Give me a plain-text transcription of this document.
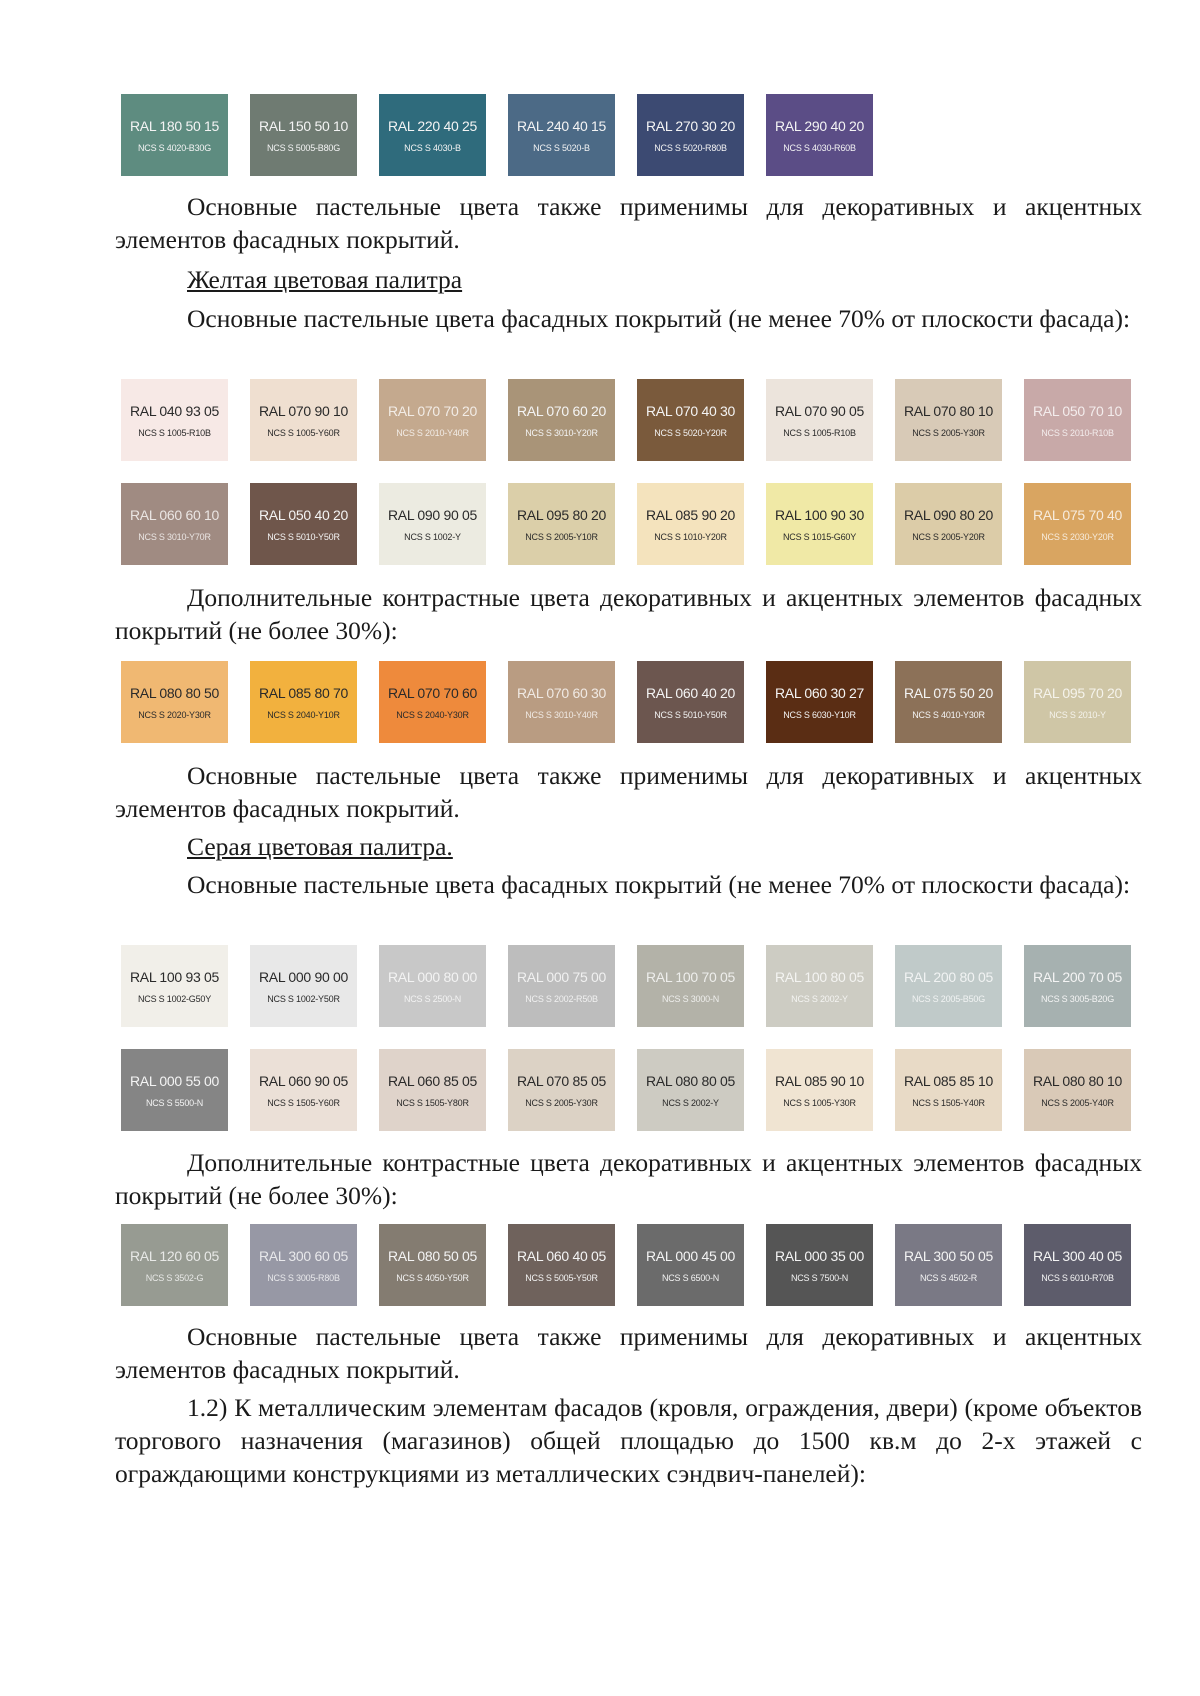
RAL 180 50 15
NCS S 4020-B30G
RAL 150 50 10
NCS S 5005-B80G
RAL 220 40 25
NCS S 4030-B
RAL 240 40 15
NCS S 5020-B
RAL 270 30 20
NCS S 5020-R80B
RAL 290 40 20
NCS S 4030-R60B
Основные пастельные цвета также применимы для декоративных и акцентных элементов фасадных покрытий.
Желтая цветовая палитра
Основные пастельные цвета фасадных покрытий (не менее 70% от плоскости фасада):
RAL 040 93 05
NCS S 1005-R10B
RAL 070 90 10
NCS S 1005-Y60R
RAL 070 70 20
NCS S 2010-Y40R
RAL 070 60 20
NCS S 3010-Y20R
RAL 070 40 30
NCS S 5020-Y20R
RAL 070 90 05
NCS S 1005-R10B
RAL 070 80 10
NCS S 2005-Y30R
RAL 050 70 10
NCS S 2010-R10B
RAL 060 60 10
NCS S 3010-Y70R
RAL 050 40 20
NCS S 5010-Y50R
RAL 090 90 05
NCS S 1002-Y
RAL 095 80 20
NCS S 2005-Y10R
RAL 085 90 20
NCS S 1010-Y20R
RAL 100 90 30
NCS S 1015-G60Y
RAL 090 80 20
NCS S 2005-Y20R
RAL 075 70 40
NCS S 2030-Y20R
Дополнительные контрастные цвета декоративных и акцентных элементов фасадных покрытий (не более 30%):
RAL 080 80 50
NCS S 2020-Y30R
RAL 085 80 70
NCS S 2040-Y10R
RAL 070 70 60
NCS S 2040-Y30R
RAL 070 60 30
NCS S 3010-Y40R
RAL 060 40 20
NCS S 5010-Y50R
RAL 060 30 27
NCS S 6030-Y10R
RAL 075 50 20
NCS S 4010-Y30R
RAL 095 70 20
NCS S 2010-Y
Основные пастельные цвета также применимы для декоративных и акцентных элементов фасадных покрытий.
Серая цветовая палитра.
Основные пастельные цвета фасадных покрытий (не менее 70% от плоскости фасада):
RAL 100 93 05
NCS S 1002-G50Y
RAL 000 90 00
NCS S 1002-Y50R
RAL 000 80 00
NCS S 2500-N
RAL 000 75 00
NCS S 2002-R50B
RAL 100 70 05
NCS S 3000-N
RAL 100 80 05
NCS S 2002-Y
RAL 200 80 05
NCS S 2005-B50G
RAL 200 70 05
NCS S 3005-B20G
RAL 000 55 00
NCS S 5500-N
RAL 060 90 05
NCS S 1505-Y60R
RAL 060 85 05
NCS S 1505-Y80R
RAL 070 85 05
NCS S 2005-Y30R
RAL 080 80 05
NCS S 2002-Y
RAL 085 90 10
NCS S 1005-Y30R
RAL 085 85 10
NCS S 1505-Y40R
RAL 080 80 10
NCS S 2005-Y40R
Дополнительные контрастные цвета декоративных и акцентных элементов фасадных покрытий (не более 30%):
RAL 120 60 05
NCS S 3502-G
RAL 300 60 05
NCS S 3005-R80B
RAL 080 50 05
NCS S 4050-Y50R
RAL 060 40 05
NCS S 5005-Y50R
RAL 000 45 00
NCS S 6500-N
RAL 000 35 00
NCS S 7500-N
RAL 300 50 05
NCS S 4502-R
RAL 300 40 05
NCS S 6010-R70B
Основные пастельные цвета также применимы для декоративных и акцентных элементов фасадных покрытий.
1.2) К металлическим элементам фасадов (кровля, ограждения, двери) (кроме объектов торгового назначения (магазинов) общей площадью до 1500 кв.м до 2-х этажей с ограждающими конструкциями из металлических сэндвич-панелей):
